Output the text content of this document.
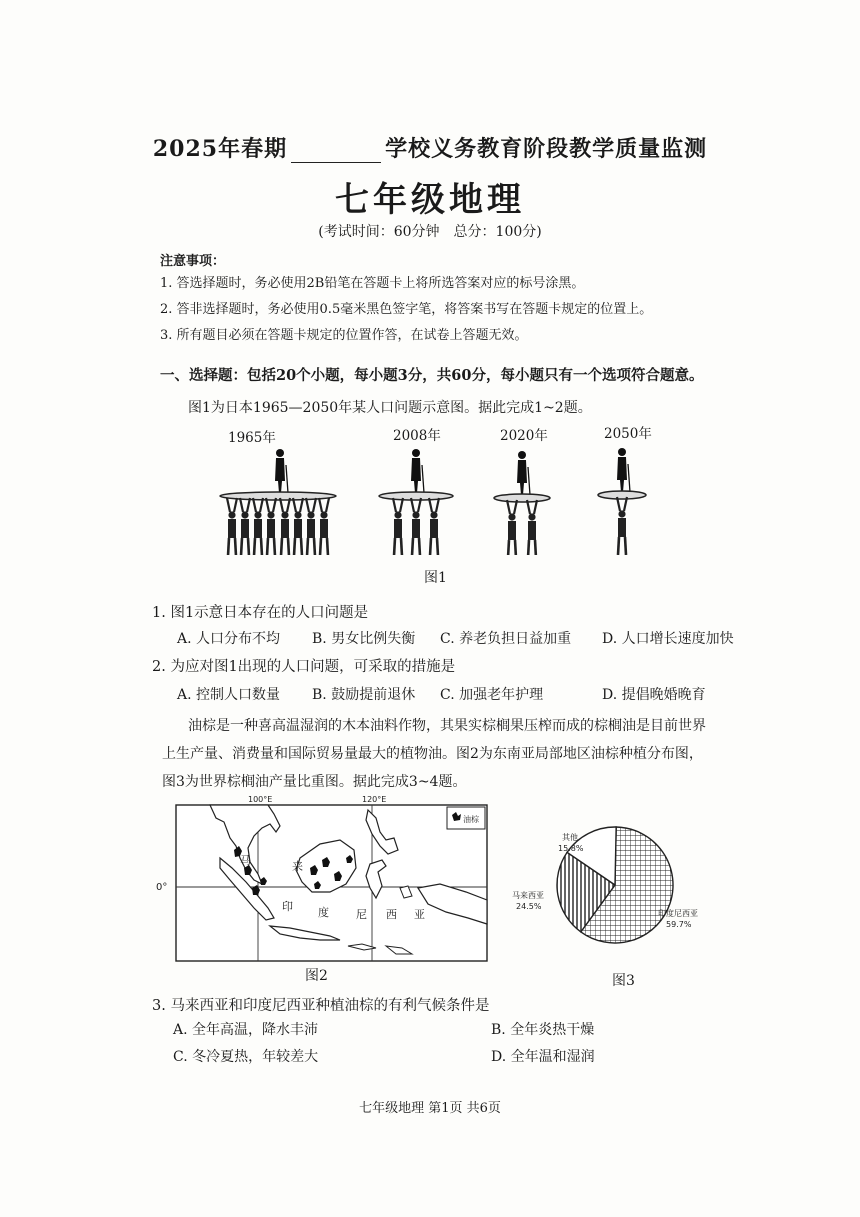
2025年春期	学校义务教育阶段教学质量监测
七年级地理
(考试时间：60分钟　总分：100分)
注意事项：
1. 答选择题时，务必使用2B铅笔在答题卡上将所选答案对应的标号涂黑。
2. 答非选择题时，务必使用0.5毫米黑色签字笔，将答案书写在答题卡规定的位置上。
3. 所有题目必须在答题卡规定的位置作答，在试卷上答题无效。
一、选择题：包括20个小题，每小题3分，共60分，每小题只有一个选项符合题意。
图1为日本1965—2050年某人口问题示意图。据此完成1~2题。
1965年	2008年	2020年	2050年
图1
1. 图1示意日本存在的人口问题是
A. 人口分布不均 B. 男女比例失衡 C. 养老负担日益加重 D. 人口增长速度加快
2. 为应对图1出现的人口问题，可采取的措施是
A. 控制人口数量 B. 鼓励提前退休 C. 加强老年护理	D. 提倡晚婚晚育
油棕是一种喜高温湿润的木本油料作物，其果实棕榈果压榨而成的棕榈油是目前世界
上生产量、消费量和国际贸易量最大的植物油。图2为东南亚局部地区油棕种植分布图，
图3为世界棕榈油产量比重图。据此完成3~4题。
100°E	120°E
0°
油棕
马	来
印 度 尼 西 亚
图2
其他
15.8%
马来西亚
24.5%
印度尼西亚
59.7%
图3
3. 马来西亚和印度尼西亚种植油棕的有利气候条件是
A. 全年高温，降水丰沛	B. 全年炎热干燥
C. 冬冷夏热，年较差大	D. 全年温和湿润
七年级地理 第1页 共6页
